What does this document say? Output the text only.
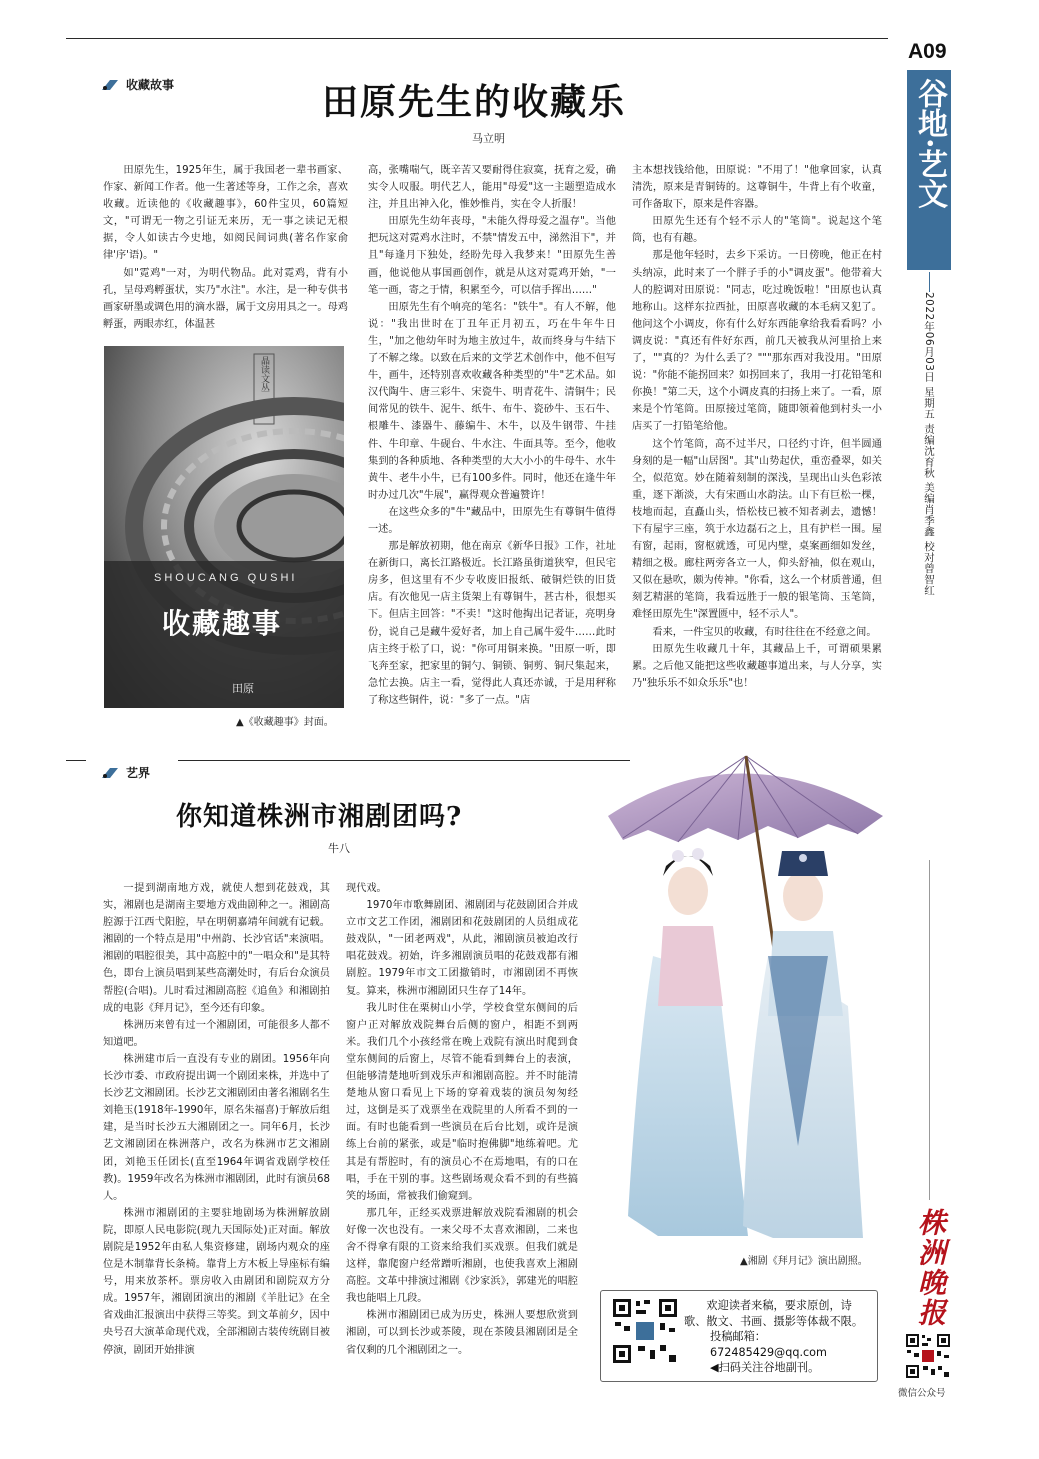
A09
谷地·艺文
2022年06月03日 星期五 责编沈育秋 美编肖季鑫 校对曾智红
株洲晚报
微信公众号
收藏故事	田原先生的收藏乐
马立明

田原先生，1925年生，属于我国老一辈书画家、作家、新闻工作者。他一生著述等身，工作之余，喜欢收藏。近读他的《收藏趣事》，60件宝贝，60篇短文，"可谓无一物之引证无来历，无一事之读记无根据，令人如读古今史地，如阅民间词典(著名作家俞律'序'语)。"

如"霓鸡"一对，为明代物品。此对霓鸡，背有小孔，呈母鸡孵蛋状，实乃"水注"。水注，是一种专供书画家研墨或调色用的滴水器，属于文房用具之一。母鸡孵蛋，两眼赤红，体温甚

晶读文丛
SHOUCANG QUSHI
收藏趣事
田原
▲《收藏趣事》封面。

高，张嘴喘气，既辛苦又要耐得住寂寞，抚育之爱，确实令人叹服。明代艺人，能用"母爱"这一主题塑造成水注，并且出神入化，惟妙惟肖，实在令人折服！

田原先生幼年丧母，"未能久得母爱之温存"。当他把玩这对霓鸡水注时，不禁"情发五中，涕然泪下"，并且"每逢月下独处，经盼先母入我梦来！"田原先生善画，他说他从事国画创作，就是从这对霓鸡开始，"一笔一画，寄之于情，积累至今，可以信手挥出……"

田原先生有个响亮的笔名："铁牛"。有人不解，他说："我出世时在丁丑年正月初五，巧在牛年牛日生，"加之他幼年时为地主放过牛，故而终身与牛结下了不解之缘。以致在后来的文学艺术创作中，他不但写牛，画牛，还特别喜欢收藏各种类型的"牛"艺术品。如汉代陶牛、唐三彩牛、宋瓷牛、明青花牛、清铜牛；民间常见的铁牛、泥牛、纸牛、布牛、瓷砂牛、玉石牛、根雕牛、漆器牛、藤编牛、木牛，以及牛钢带、牛挂件、牛印章、牛砚台、牛水注、牛面具等。至今，他收集到的各种质地、各种类型的大大小小的牛母牛、水牛黄牛、老牛小牛，已有100多件。同时，他还在逢牛年时办过几次"牛展"，赢得观众普遍赞许！

在这些众多的"牛"藏品中，田原先生有尊铜牛值得一述。

那是解放初期，他在南京《新华日报》工作，社址在新街口，离长江路极近。长江路虽街道狭窄，但民宅房多，但这里有不少专收废旧报纸、破铜烂铁的旧货店。有次他见一店主货架上有尊铜牛，甚古朴，很想买下。但店主回答："不卖！"这时他掏出记者证，亮明身份，说自己是藏牛爱好者，加上自己属牛爱牛……此时店主终于松了口，说："你可用铜来换。"田原一听，即飞奔至家，把家里的铜勺、铜锁、铜剪、铜尺集起来，急忙去换。店主一看，觉得此人真还赤诚，于是用秤称了称这些铜件，说："多了一点。"店

主本想找钱给他，田原说："不用了！"他拿回家，认真清洗，原来是青铜铸的。这尊铜牛，牛背上有个收童，可作备取下，原来是件容器。

田原先生还有个轻不示人的"笔筒"。说起这个笔筒，也有有趣。

那是他年轻时，去乡下采访。一日傍晚，他正在村头纳凉，此时来了一个胖子手的小"调皮蛋"。他带着大人的腔调对田原说："同志，吃过晚饭啦！"田原也认真地称山。这样东拉西扯，田原喜收藏的本毛病又犯了。他问这个小调皮，你有什么好东西能拿给我看看吗？小调皮说："真还有件好东西，前几天被我从河里拾上来了，""真的？为什么丢了？"""那东西对我没用。"田原说："你能不能拐回来？如拐回来了，我用一打花铅笔和你换！"第二天，这个小调皮真的扫扬上来了。一看，原来是个竹笔筒。田原接过笔筒，随即领着他到村头一小店买了一打铅笔给他。

这个竹笔筒，高不过半尺，口径约寸许，但半圆通身刻的是一幅"山居图"。其"山势起伏，重峦叠翠，如关仝，似范宽。妙在随着刻制的深浅，呈现出山头色彩浓重，逐下渐淡，大有宋画山水韵法。山下有巨松一棵，枝地而起，直矗山头，悟松枝已被不知者剥去，遗憾！下有屋宇三座，筑于水边磊石之上，且有护栏一围。屋有窗，起雨，窗枢就透，可见内壁，桌案画细如发丝，精细之极。廊柱两旁各立一人，仰头舒袖，似在观山，又似在悬吹，颇为传神。"你看，这么一个材质普通，但刻艺精湛的笔筒，我看远胜于一般的银笔筒、玉笔筒，难怪田原先生"深置匮中，轻不示人"。

看来，一件宝贝的收藏，有时往往在不经意之间。

田原先生收藏几十年，其藏品上千，可谓硕果累累。之后他又能把这些收藏趣事道出来，与人分享，实乃"独乐乐不如众乐乐"也！

艺界
你知道株洲市湘剧团吗?
牛八

一提到湖南地方戏，就使人想到花鼓戏，其实，湘剧也是湖南主要地方戏曲剧种之一。湘剧高腔源于江西弋阳腔，早在明朝嘉靖年间就有记载。湘剧的一个特点是用"中州韵、长沙官话"来演唱。湘剧的唱腔很美，其中高腔中的"一唱众和"是其特色，即台上演员唱到某些高潮处时，有后台众演员帮腔(合唱)。儿时看过湘剧高腔《追鱼》和湘剧拍成的电影《拜月记》，至今还有印象。

株洲历来曾有过一个湘剧团，可能很多人都不知道吧。

株洲建市后一直没有专业的剧团。1956年向长沙市委、市政府提出调一个剧团来株，并选中了长沙艺文湘剧团。长沙艺文湘剧团由著名湘剧名生刘艳玉(1918年-1990年，原名朱福喜)于解放后组建，是当时长沙五大湘剧团之一。同年6月，长沙艺文湘剧团在株洲落户，改名为株洲市艺文湘剧团，刘艳玉任团长(直至1964年调省戏剧学校任教)。1959年改名为株洲市湘剧团，此时有演员68人。

株洲市湘剧团的主要驻地剧场为株洲解放剧院，即原人民电影院(现九天国际处)正对面。解放剧院是1952年由私人集资修建，剧场内观众的座位是木制靠背长条椅。靠背上方木板上导座标有编号，用来放茶杯。票房收入由剧团和剧院双方分成。1957年，湘剧团演出的湘剧《羊肚记》在全省戏曲汇报演出中获得三等奖。到文革前夕，因中央号召大演革命现代戏，全部湘剧古装传统剧目被停演，剧团开始排演

现代戏。

1970年市歌舞剧团、湘剧团与花鼓剧团合并成立市文艺工作团，湘剧团和花鼓剧团的人员组成花鼓戏队，"一团老两戏"，从此，湘剧演员被迫改行唱花鼓戏。初始，许多湘剧演员唱的花鼓戏都有湘剧腔。1979年市文工团撤销时，市湘剧团不再恢复。算来，株洲市湘剧团只生存了14年。

我儿时住在栗树山小学，学校食堂东侧间的后窗户正对解放戏院舞台后侧的窗户，相距不到两米。我们几个小孩经常在晚上戏院有演出时爬到食堂东侧间的后窗上，尽管不能看到舞台上的表演，但能够清楚地听到戏乐声和湘剧高腔。并不时能清楚地从窗口看见上下场的穿着戏装的演员匆匆经过，这倒是买了戏票坐在戏院里的人所看不到的一面。有时也能看到一些演员在后台比划，或许是演练上台前的紧张，或是"临时抱佛脚"地练着吧。尤其是有帮腔时，有的演员心不在焉地唱，有的口在唱，手在干别的事。这些剧场观众看不到的有些搞笑的场面，常被我们偷窥到。

那几年，正经买戏票进解放戏院看湘剧的机会好像一次也没有。一来父母不太喜欢湘剧，二来也舍不得拿有限的工资来给我们买戏票。但我们就是这样，靠爬窗户经常蹭听湘剧，也使我喜欢上湘剧高腔。文革中排演过湘剧《沙家浜》，郭建光的唱腔我也能唱上几段。

株洲市湘剧团已成为历史，株洲人要想欣赏到湘剧，可以到长沙或茶陵，现在茶陵县湘剧团是全省仅剩的几个湘剧团之一。

▲湘剧《拜月记》演出剧照。
欢迎读者来稿，要求原创，诗歌、散文、书画、摄影等体裁不限。
投稿邮箱：
672485429@qq.com
◀扫码关注谷地副刊。
